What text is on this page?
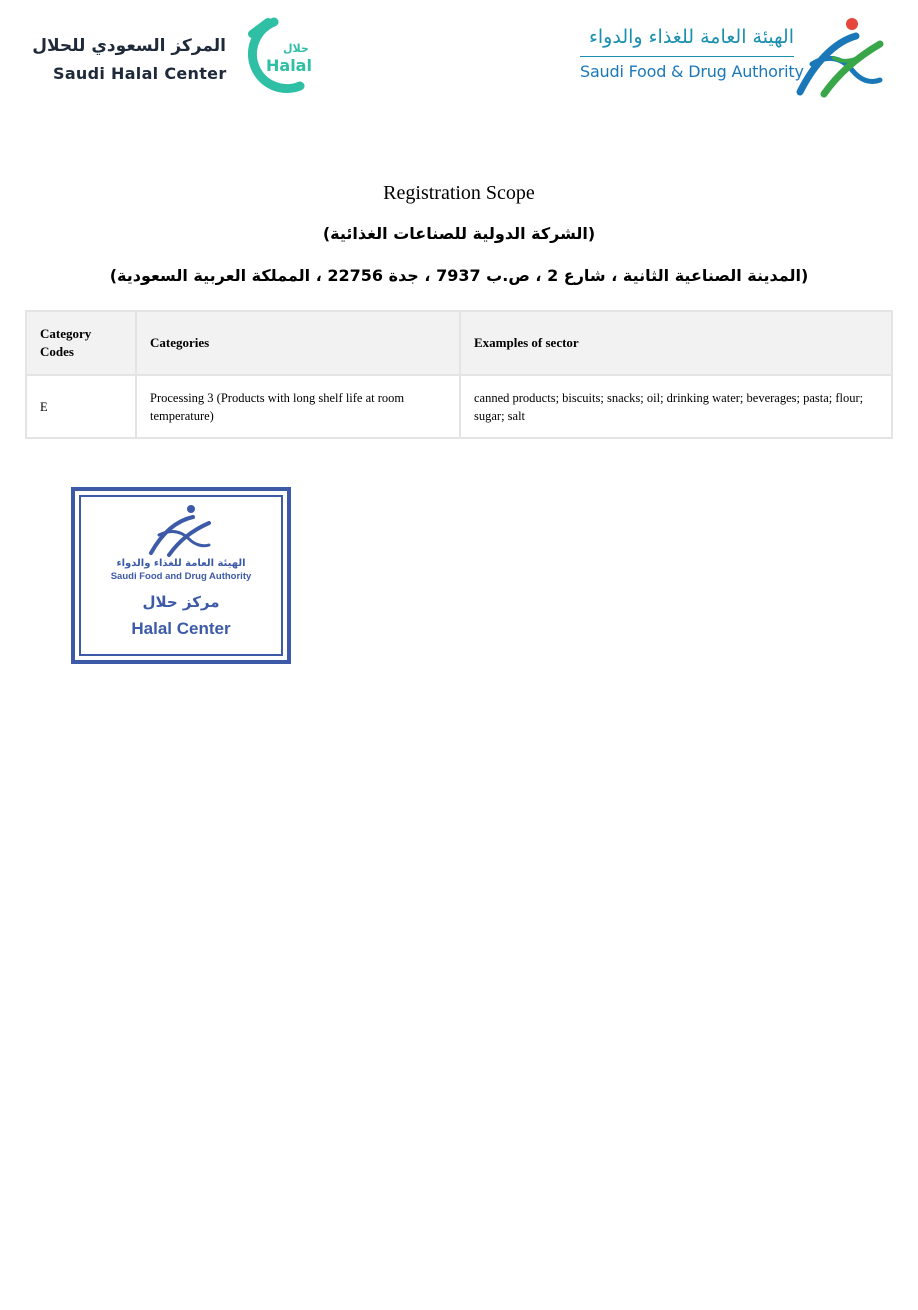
المركز السعودي للحلال
Saudi Halal Center
حلال
Halal
الهيئة العامة للغذاء والدواء
Saudi Food & Drug Authority
Registration Scope
(الشركة الدولية للصناعات الغذائية)
(المدينة الصناعية الثانية ، شارع 2 ، ص.ب 7937 ، جدة 22756 ، المملكة العربية السعودية)
Category Codes	Categories	Examples of sector
E	Processing 3 (Products with long shelf life at room temperature)	canned products; biscuits; snacks; oil; drinking water; beverages; pasta; flour; sugar; salt
الهيئة العامة للغذاء والدواء
Saudi Food and Drug Authority
مركز حلال
Halal Center
